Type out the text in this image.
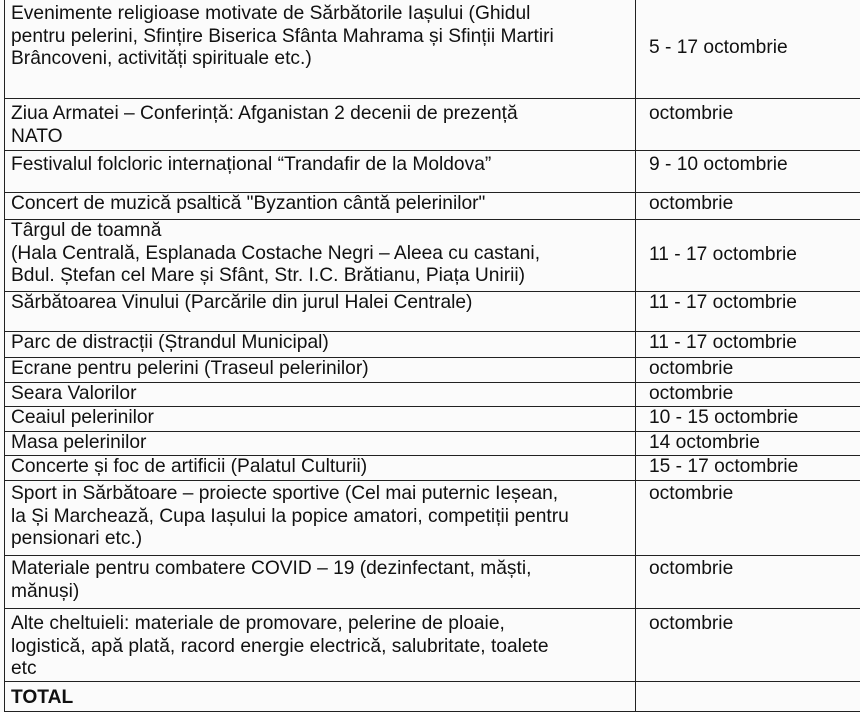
Evenimente religioase motivate de Sărbătorile Iașului (Ghidul
pentru pelerini, Sfințire Biserica Sfânta Mahrama și Sfinții Martiri
Brâncoveni, activități spirituale etc.)	5 - 17 octombrie
Ziua Armatei – Conferință: Afganistan 2 decenii de prezență
NATO	octombrie
Festivalul folcloric internațional “Trandafir de la Moldova”	9 - 10 octombrie
Concert de muzică psaltică "Byzantion cântă pelerinilor"	octombrie
Târgul de toamnă
(Hala Centrală, Esplanada Costache Negri – Aleea cu castani,
Bdul. Ștefan cel Mare și Sfânt, Str. I.C. Brătianu, Piața Unirii)	11 - 17 octombrie
Sărbătoarea Vinului (Parcările din jurul Halei Centrale)	11 - 17 octombrie
Parc de distracții (Ștrandul Municipal)	11 - 17 octombrie
Ecrane pentru pelerini (Traseul pelerinilor)	octombrie
Seara Valorilor	octombrie
Ceaiul pelerinilor	10 - 15 octombrie
Masa pelerinilor	14 octombrie
Concerte și foc de artificii (Palatul Culturii)	15 - 17 octombrie
Sport in Sărbătoare – proiecte sportive (Cel mai puternic Ieșean,
la Și Marchează, Cupa Iașului la popice amatori, competiții pentru
pensionari etc.)	octombrie
Materiale pentru combatere COVID – 19 (dezinfectant, măști,
mănuși)	octombrie
Alte cheltuieli: materiale de promovare, pelerine de ploaie,
logistică, apă plată, racord energie electrică, salubritate, toalete
etc	octombrie
TOTAL	
